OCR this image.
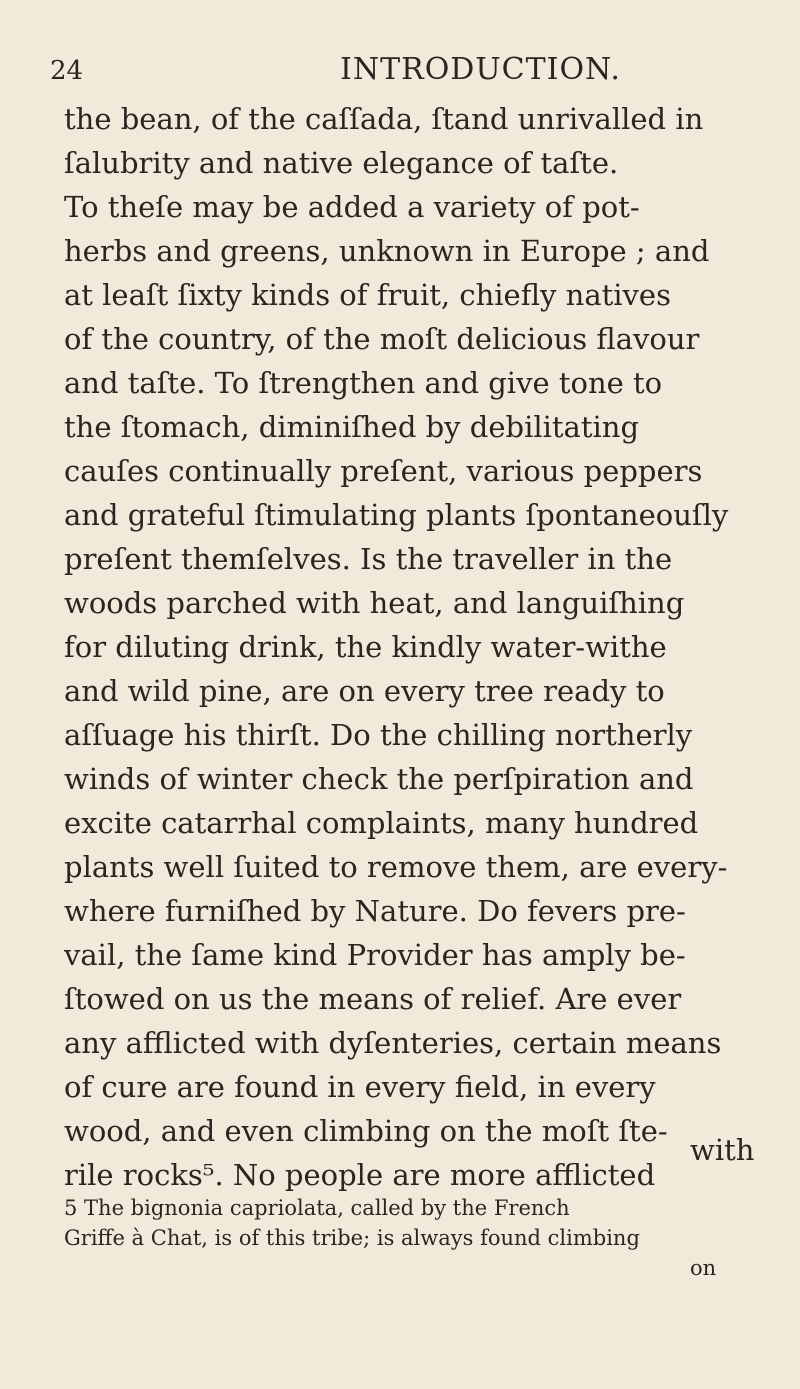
24	INTRODUCTION.
the bean, of the caſſada, ſtand unrivalled in
ſalubrity and native elegance of taſte.
To theſe may be added a variety of pot-
herbs and greens, unknown in Europe ; and
at leaſt ſixty kinds of fruit, chiefly natives
of the country, of the moſt delicious flavour
and taſte. To ſtrengthen and give tone to
the ſtomach, diminiſhed by debilitating
cauſes continually preſent, various peppers
and grateful ſtimulating plants ſpontaneouſly
preſent themſelves. Is the traveller in the
woods parched with heat, and languiſhing
for diluting drink, the kindly water-withe
and wild pine, are on every tree ready to
aſſuage his thirſt. Do the chilling northerly
winds of winter check the perſpiration and
excite catarrhal complaints, many hundred
plants well ſuited to remove them, are every-
where furniſhed by Nature. Do fevers pre-
vail, the ſame kind Provider has amply be-
ſtowed on us the means of relief. Are ever
any afflicted with dyſenteries, certain means
of cure are found in every field, in every
wood, and even climbing on the moſt ſte-
rile rocks⁵. No people are more afflicted
with
5 The bignonia capriolata, called by the French
Griffe à Chat, is of this tribe; is always found climbing
on
